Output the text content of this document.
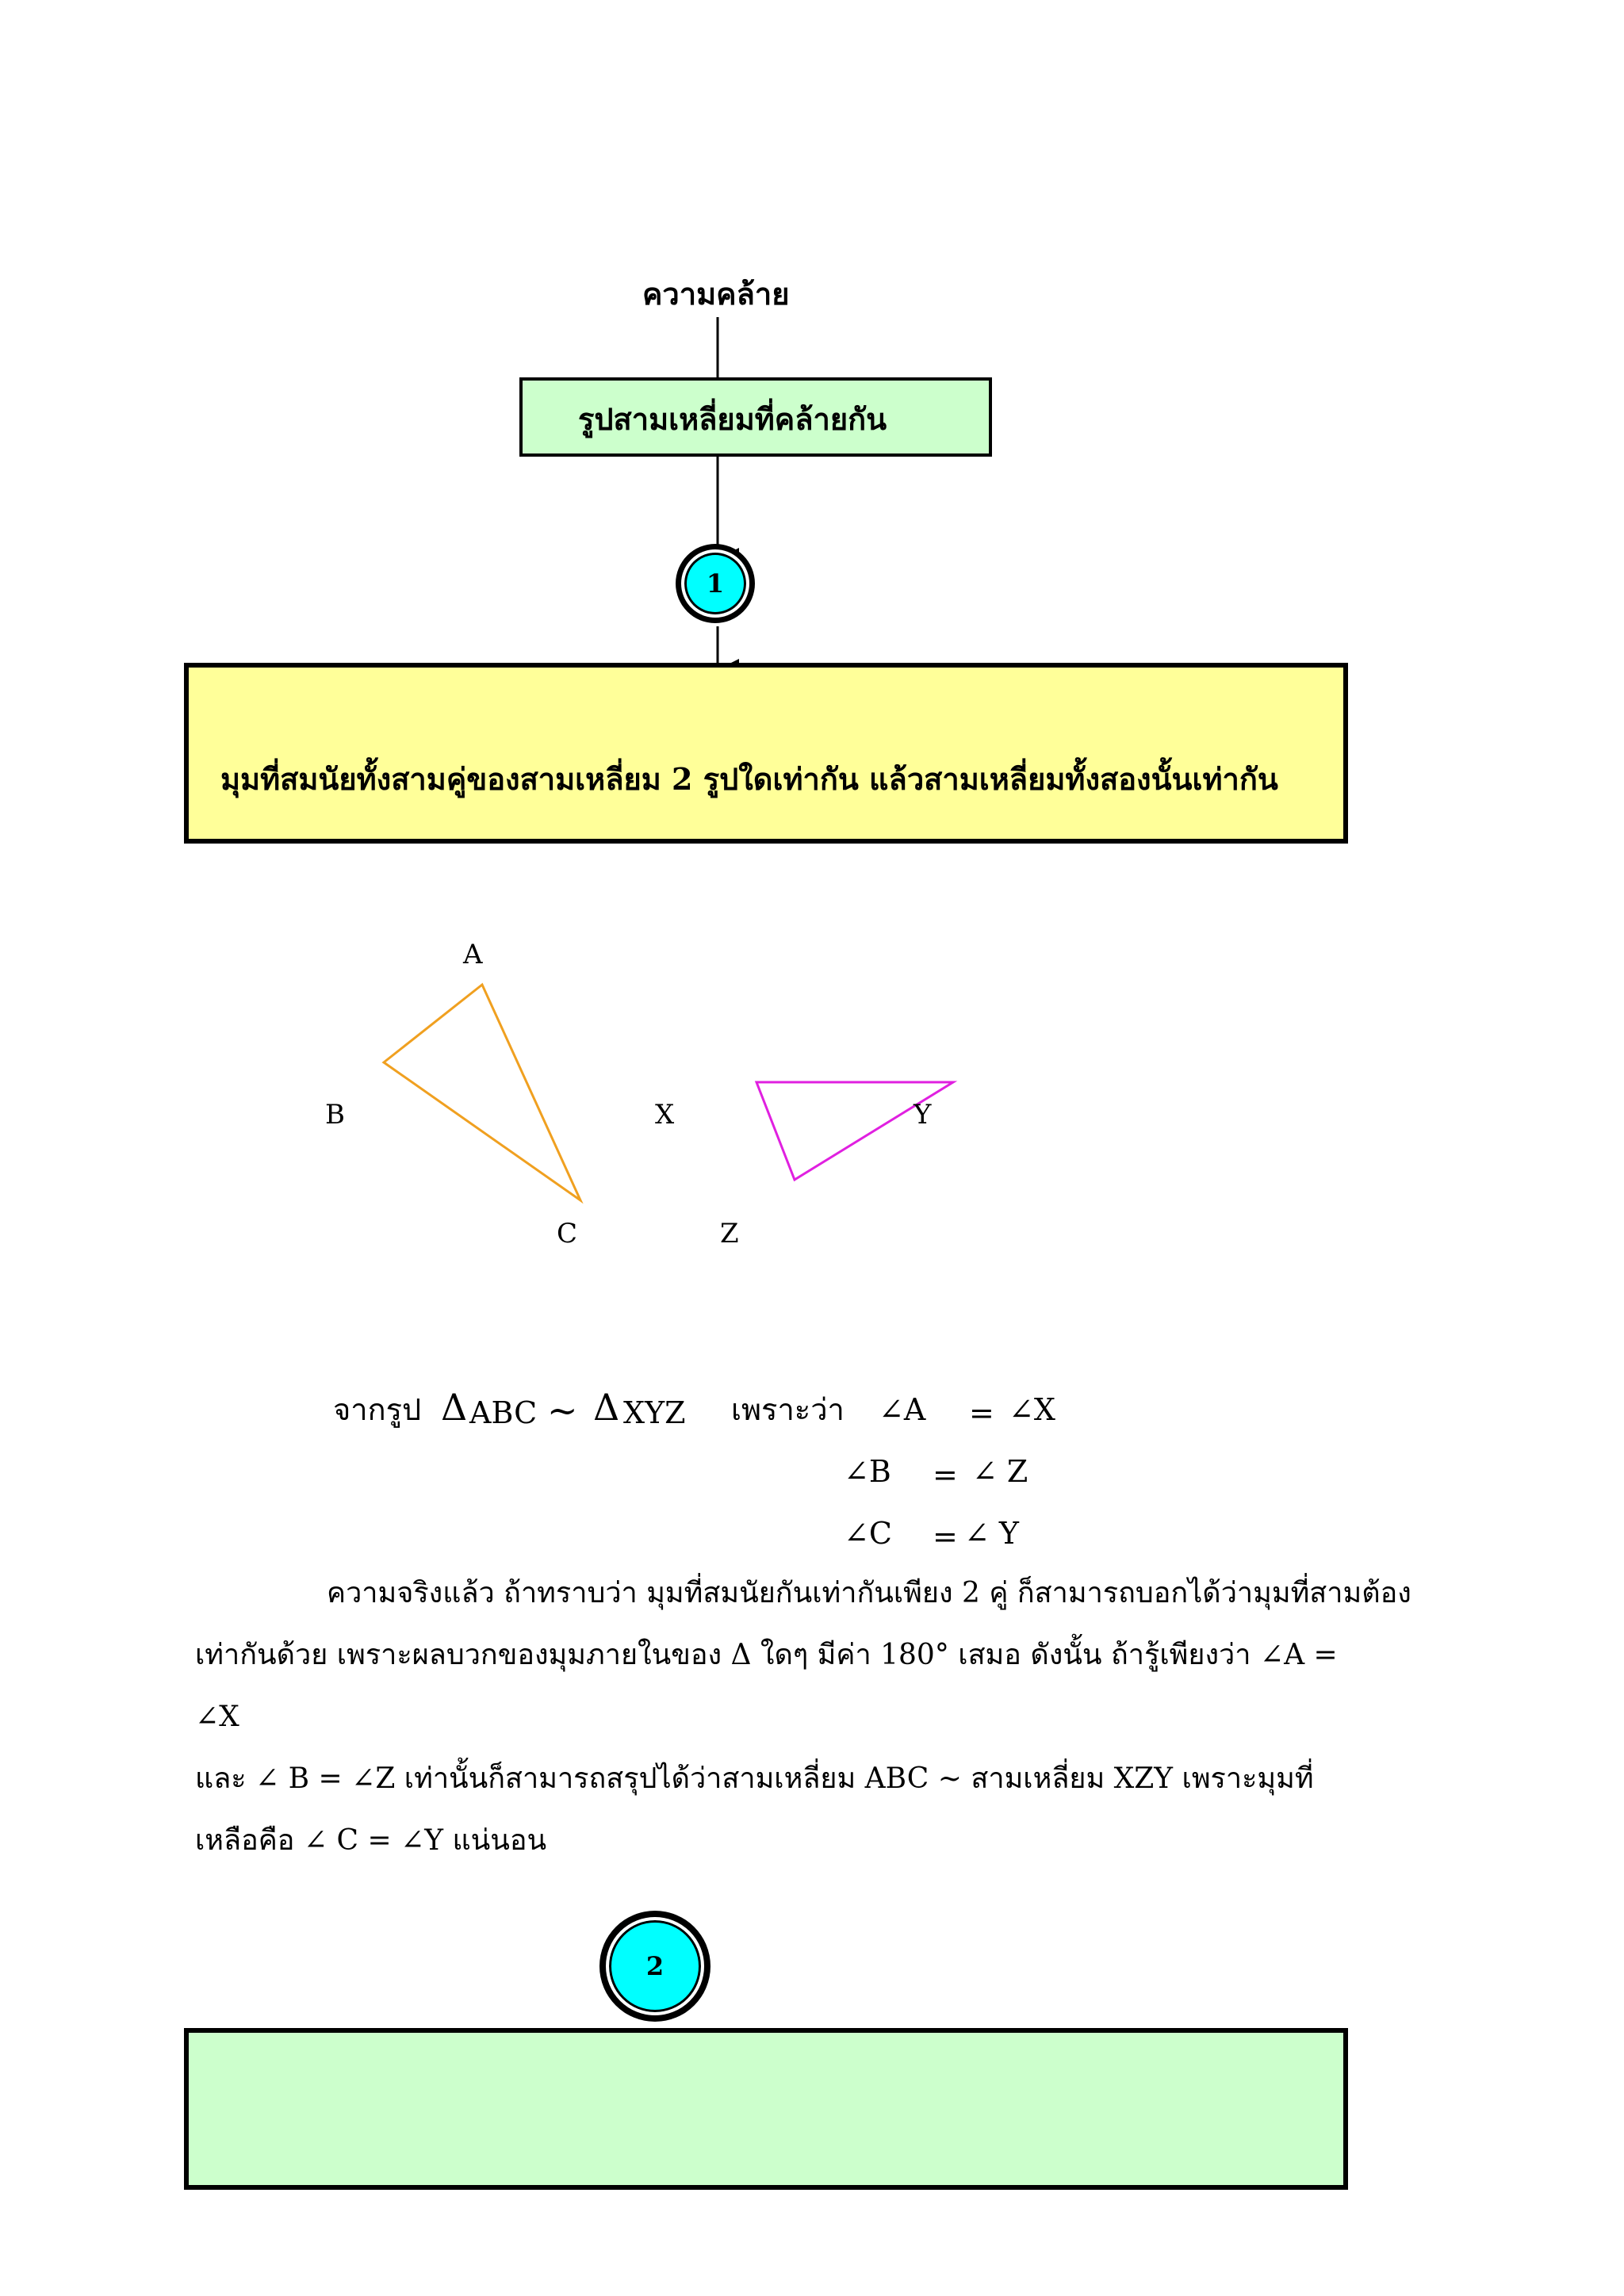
ความคล้าย
รูปสามเหลี่ยมที่คล้ายกัน
1
มุมที่สมนัยทั้งสามคู่ของสามเหลี่ยม 2 รูปใดเท่ากัน แล้วสามเหลี่ยมทั้งสองนั้นเท่ากัน
A
B
C
X	Y
Z
จากรูป Δ ABC ~ Δ XYZ เพราะว่า ∠A = ∠X
∠B = ∠ Z
∠C = ∠ Y
ความจริงแล้ว ถ้าทราบว่า มุมที่สมนัยกันเท่ากันเพียง 2 คู่ ก็สามารถบอกได้ว่ามุมที่สามต้อง
เท่ากันด้วย เพราะผลบวกของมุมภายในของ Δ ใดๆ มีค่า 180° เสมอ ดังนั้น ถ้ารู้เพียงว่า ∠A =
∠X
และ ∠ B = ∠Z เท่านั้นก็สามารถสรุปได้ว่าสามเหลี่ยม ABC ~ สามเหลี่ยม XZY เพราะมุมที่
เหลือคือ ∠ C = ∠Y แน่นอน
2
